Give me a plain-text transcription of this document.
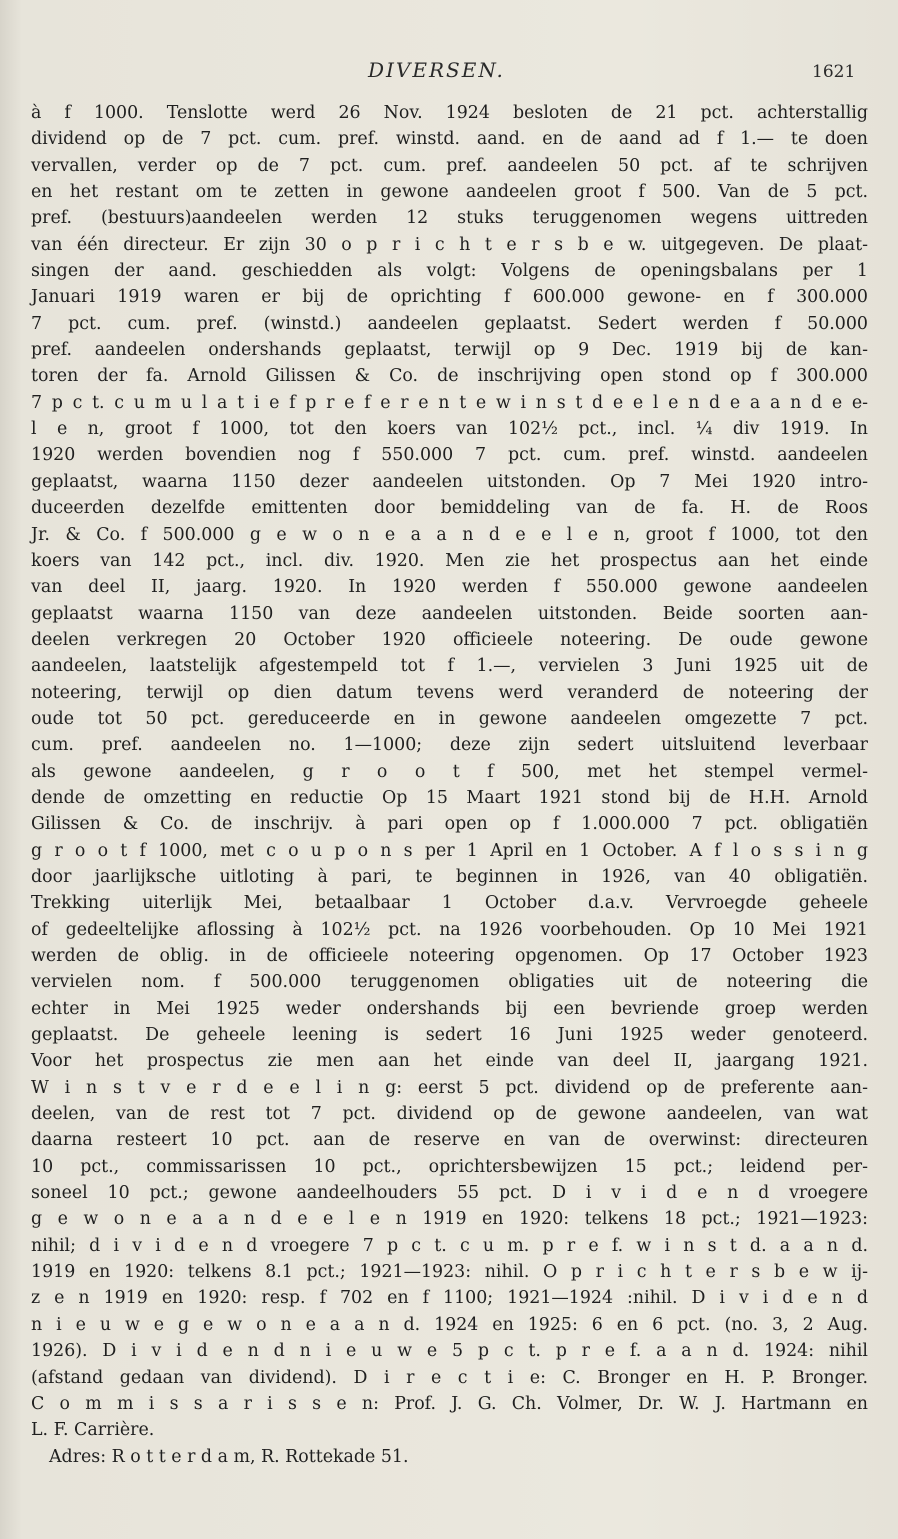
DIVERSEN.	1621
à f 1000. Tenslotte werd 26 Nov. 1924 besloten de 21 pct. achterstallig
dividend op de 7 pct. cum. pref. winstd. aand. en de aand ad f 1.— te doen
vervallen, verder op de 7 pct. cum. pref. aandeelen 50 pct. af te schrijven
en het restant om te zetten in gewone aandeelen groot f 500. Van de 5 pct.
pref. (bestuurs)aandeelen werden 12 stuks teruggenomen wegens uittreden
van één directeur. Er zijn 30 o p r i c h t e r s b e w. uitgegeven. De plaat-
singen der aand. geschiedden als volgt: Volgens de openingsbalans per 1
Januari 1919 waren er bij de oprichting f 600.000 gewone- en f 300.000
7 pct. cum. pref. (winstd.) aandeelen geplaatst. Sedert werden f 50.000
pref. aandeelen ondershands geplaatst, terwijl op 9 Dec. 1919 bij de kan-
toren der fa. Arnold Gilissen & Co. de inschrijving open stond op f 300.000
7 p c t. c u m u l a t i e f p r e f e r e n t e w i n s t d e e l e n d e a a n d e e-
l e n, groot f 1000, tot den koers van 102½ pct., incl. ¼ div 1919. In
1920 werden bovendien nog f 550.000 7 pct. cum. pref. winstd. aandeelen
geplaatst, waarna 1150 dezer aandeelen uitstonden. Op 7 Mei 1920 intro-
duceerden dezelfde emittenten door bemiddeling van de fa. H. de Roos
Jr. & Co. f 500.000 g e w o n e a a n d e e l e n, groot f 1000, tot den
koers van 142 pct., incl. div. 1920. Men zie het prospectus aan het einde
van deel II, jaarg. 1920. In 1920 werden f 550.000 gewone aandeelen
geplaatst waarna 1150 van deze aandeelen uitstonden. Beide soorten aan-
deelen verkregen 20 October 1920 officieele noteering. De oude gewone
aandeelen, laatstelijk afgestempeld tot f 1.—, vervielen 3 Juni 1925 uit de
noteering, terwijl op dien datum tevens werd veranderd de noteering der
oude tot 50 pct. gereduceerde en in gewone aandeelen omgezette 7 pct.
cum. pref. aandeelen no. 1—1000; deze zijn sedert uitsluitend leverbaar
als gewone aandeelen, g r o o t f 500, met het stempel vermel-
dende de omzetting en reductie Op 15 Maart 1921 stond bij de H.H. Arnold
Gilissen & Co. de inschrijv. à pari open op f 1.000.000 7 pct. obligatiën
g r o o t f 1000, met c o u p o n s per 1 April en 1 October. A f l o s s i n g
door jaarlijksche uitloting à pari, te beginnen in 1926, van 40 obligatiën.
Trekking uiterlijk Mei, betaalbaar 1 October d.a.v. Vervroegde geheele
of gedeeltelijke aflossing à 102½ pct. na 1926 voorbehouden. Op 10 Mei 1921
werden de oblig. in de officieele noteering opgenomen. Op 17 October 1923
vervielen nom. f 500.000 teruggenomen obligaties uit de noteering die
echter in Mei 1925 weder ondershands bij een bevriende groep werden
geplaatst. De geheele leening is sedert 16 Juni 1925 weder genoteerd.
Voor het prospectus zie men aan het einde van deel II, jaargang 1921.
W i n s t v e r d e e l i n g: eerst 5 pct. dividend op de preferente aan-
deelen, van de rest tot 7 pct. dividend op de gewone aandeelen, van wat
daarna resteert 10 pct. aan de reserve en van de overwinst: directeuren
10 pct., commissarissen 10 pct., oprichtersbewijzen 15 pct.; leidend per-
soneel 10 pct.; gewone aandeelhouders 55 pct. D i v i d e n d vroegere
g e w o n e a a n d e e l e n 1919 en 1920: telkens 18 pct.; 1921—1923:
nihil; d i v i d e n d vroegere 7 p c t. c u m. p r e f. w i n s t d. a a n d.
1919 en 1920: telkens 8.1 pct.; 1921—1923: nihil. O p r i c h t e r s b e w ij-
z e n 1919 en 1920: resp. f 702 en f 1100; 1921—1924 :nihil. D i v i d e n d
n i e u w e g e w o n e a a n d. 1924 en 1925: 6 en 6 pct. (no. 3, 2 Aug.
1926). D i v i d e n d n i e u w e 5 p c t. p r e f. a a n d. 1924: nihil
(afstand gedaan van dividend). D i r e c t i e: C. Bronger en H. P. Bronger.
C o m m i s s a r i s s e n: Prof. J. G. Ch. Volmer, Dr. W. J. Hartmann en
L. F. Carrière.
Adres: R o t t e r d a m, R. Rottekade 51.
